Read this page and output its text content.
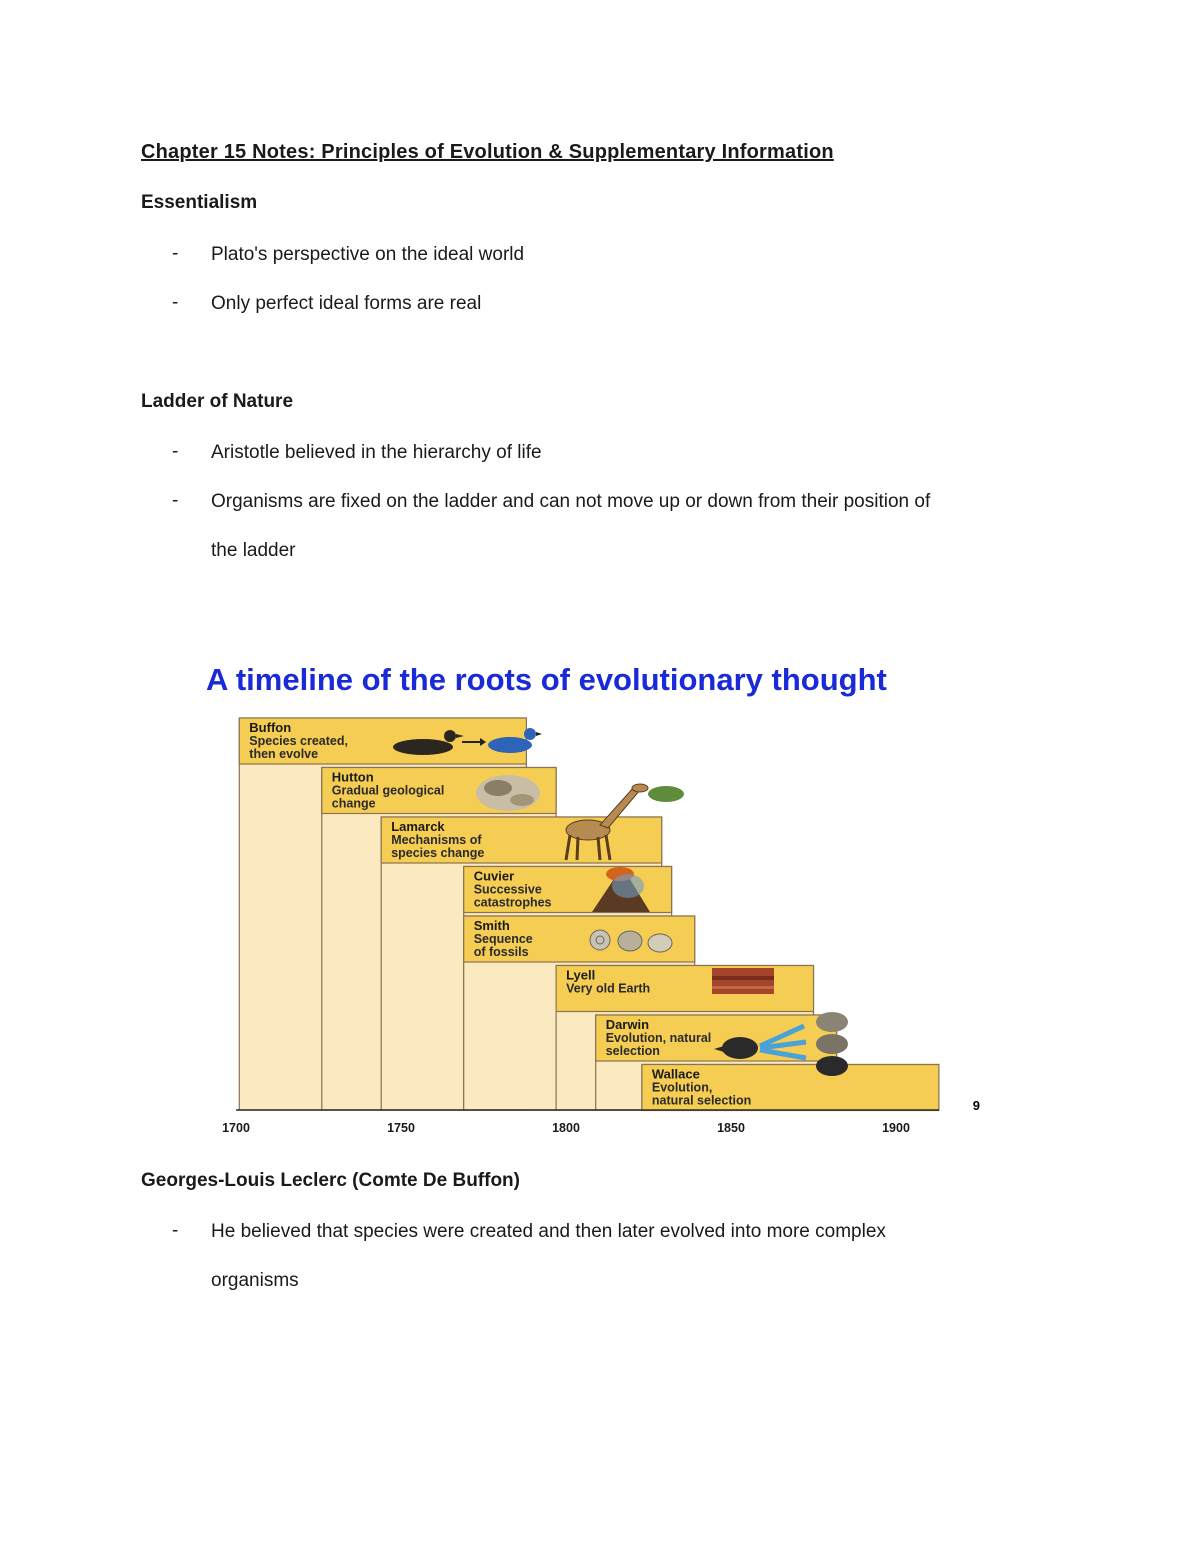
Chapter 15 Notes: Principles of Evolution & Supplementary Information
Essentialism
- Plato's perspective on the ideal world
- Only perfect ideal forms are real
Ladder of Nature
- Aristotle believed in the hierarchy of life
- Organisms are fixed on the ladder and can not move up or down from their position of
the ladder
A timeline of the roots of evolutionary thought
Buffon
Species created,
then evolve
Hutton
Gradual geological
change
Lamarck
Mechanisms of
species change
Cuvier
Successive
catastrophes
Smith
Sequence
of fossils
Lyell
Very old Earth
Darwin
Evolution, natural
selection
Wallace
Evolution,
natural selection
1700	1750	1800	1850	1900
9
Georges-Louis Leclerc (Comte De Buffon)
- He believed that species were created and then later evolved into more complex
organisms
